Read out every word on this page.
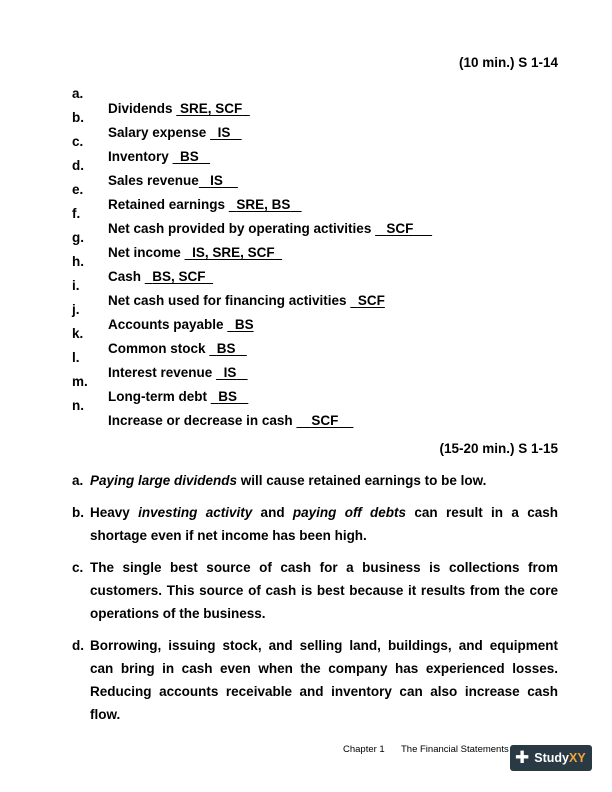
(10 min.) S 1-14

a.

Dividends SRE, SCF

b.

Salary expense IS

c.

Inventory BS

d.

Sales revenue IS

e.

Retained earnings SRE, BS

f.

Net cash provided by operating activities SCF

g.

Net income IS, SRE, SCF

h.

Cash BS, SCF

i.

Net cash used for financing activities SCF

j.

Accounts payable BS

k.

Common stock BS

l.

Interest revenue IS

m.

Long-term debt BS

n.

Increase or decrease in cash SCF

(15-20 min.) S 1-15
a. Paying large dividends will cause retained earnings to be low.
b. Heavy investing activity and paying off debts can result in a cash shortage even if net income has been high.
c. The single best source of cash for a business is collections from customers. This source of cash is best because it results from the core operations of the business.
d. Borrowing, issuing stock, and selling land, buildings, and equipment can bring in cash even when the company has experienced losses. Reducing accounts receivable and inventory can also increase cash flow.
Chapter 1 The Financial Statements ✚ Study XY
